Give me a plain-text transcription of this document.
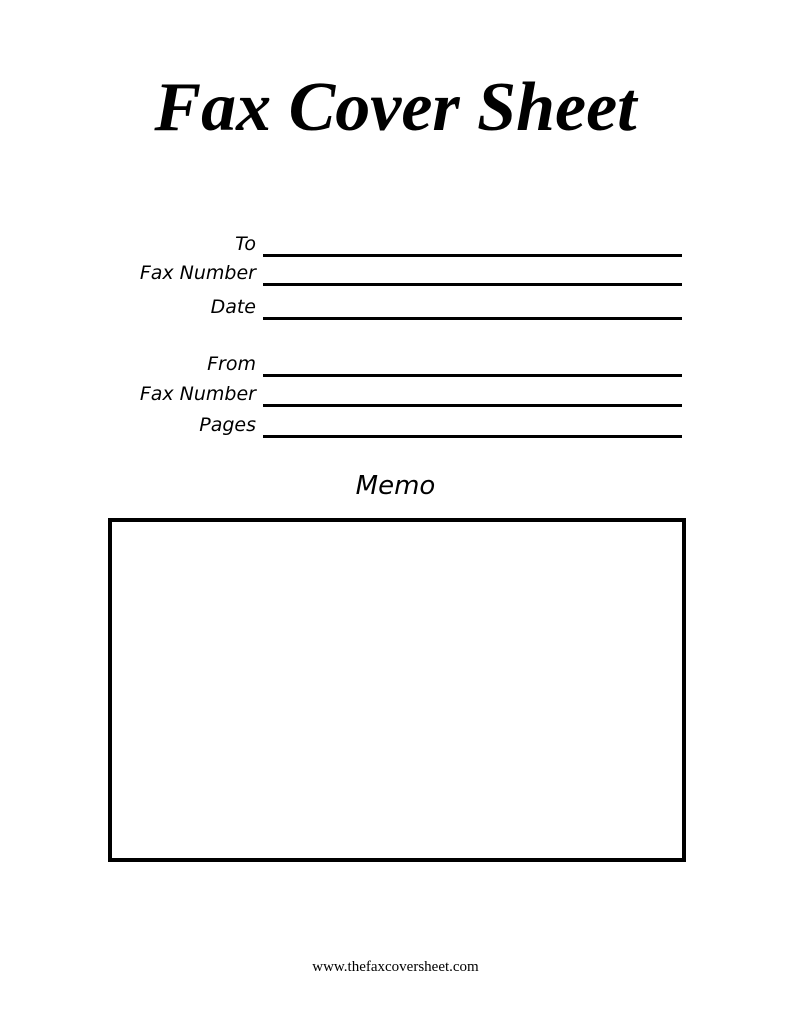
Fax Cover Sheet
To
Fax Number
Date
From
Fax Number
Pages
Memo
www.thefaxcoversheet.com
